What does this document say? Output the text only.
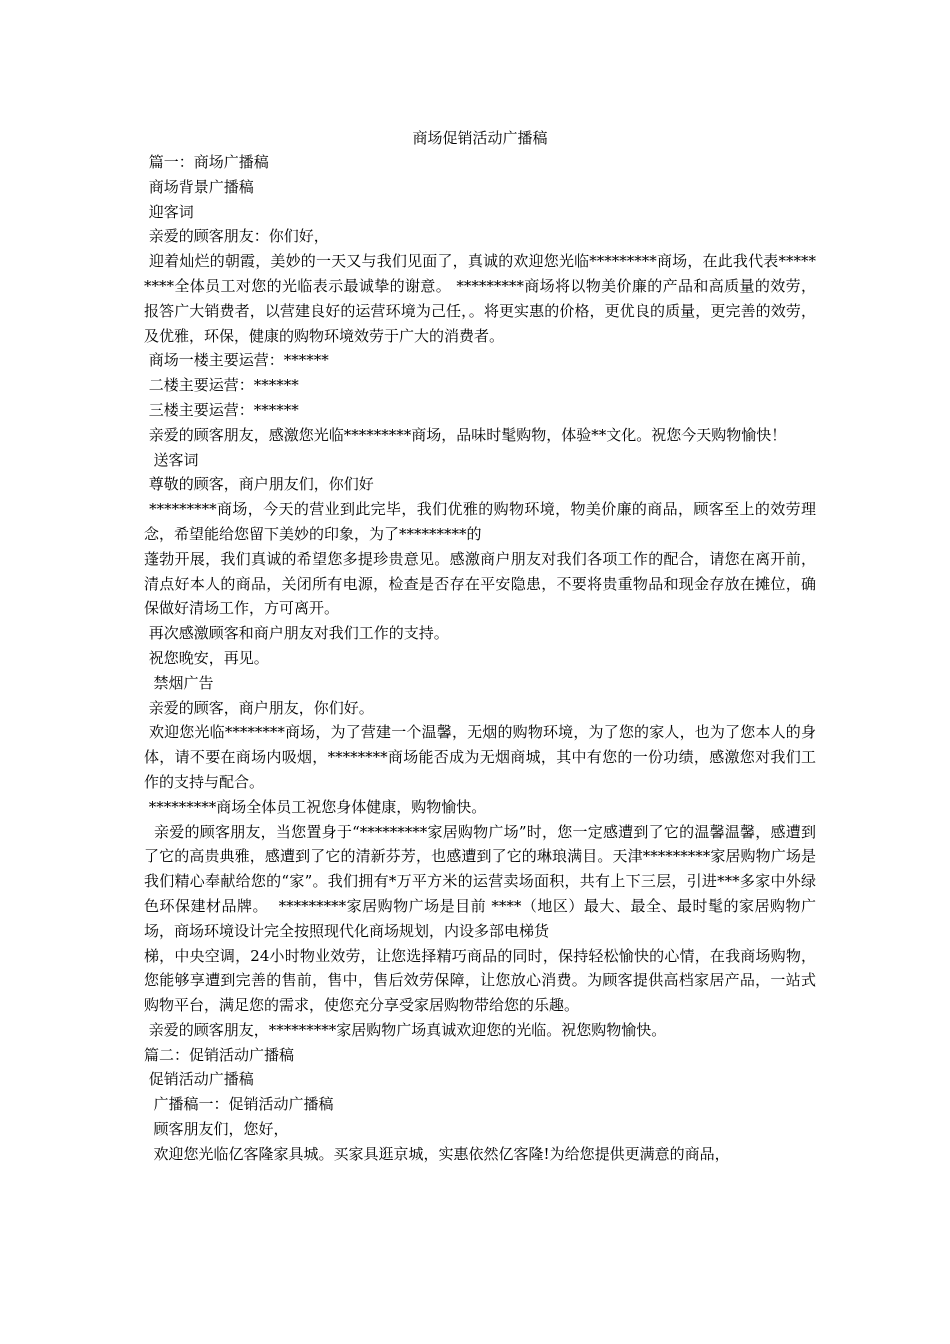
商场促销活动广播稿

篇一：商场广播稿

商场背景广播稿

迎客词

亲爱的顾客朋友：你们好，

迎着灿烂的朝霞，美妙的一天又与我们见面了，真诚的欢迎您光临*********商场，在此我代表*********全体员工对您的光临表示最诚挚的谢意。 *********商场将以物美价廉的产品和高质量的效劳，报答广大销费者，以营建良好的运营环境为己任，。将更实惠的价格，更优良的质量，更完善的效劳，及优雅，环保，健康的购物环境效劳于广大的消费者。

商场一楼主要运营：******

二楼主要运营：******

三楼主要运营：******

亲爱的顾客朋友，感激您光临*********商场，品味时髦购物，体验**文化。祝您今天购物愉快！

送客词

尊敬的顾客，商户朋友们，你们好

*********商场，今天的营业到此完毕，我们优雅的购物环境，物美价廉的商品，顾客至上的效劳理念，希望能给您留下美妙的印象，为了*********的

蓬勃开展，我们真诚的希望您多提珍贵意见。感激商户朋友对我们各项工作的配合，请您在离开前，清点好本人的商品，关闭所有电源，检查是否存在平安隐患，不要将贵重物品和现金存放在摊位，确保做好清场工作，方可离开。

再次感激顾客和商户朋友对我们工作的支持。

祝您晚安，再见。

禁烟广告

亲爱的顾客，商户朋友，你们好。

欢迎您光临********商场，为了营建一个温馨，无烟的购物环境，为了您的家人，也为了您本人的身体，请不要在商场内吸烟，********商场能否成为无烟商城，其中有您的一份功绩，感激您对我们工作的支持与配合。

*********商场全体员工祝您身体健康，购物愉快。

亲爱的顾客朋友，当您置身于“*********家居购物广场”时，您一定感遭到了它的温馨温馨，感遭到了它的高贵典雅，感遭到了它的清新芬芳，也感遭到了它的琳琅满目。天津*********家居购物广场是我们精心奉献给您的“家”。我们拥有*万平方米的运营卖场面积，共有上下三层，引进***多家中外绿色环保建材品牌。  *********家居购物广场是目前 ****（地区）最大、最全、最时髦的家居购物广场，商场环境设计完全按照现代化商场规划，内设多部电梯货

梯，中央空调，24小时物业效劳，让您选择精巧商品的同时，保持轻松愉快的心情，在我商场购物，您能够享遭到完善的售前，售中，售后效劳保障，让您放心消费。为顾客提供高档家居产品，一站式购物平台，满足您的需求，使您充分享受家居购物带给您的乐趣。

亲爱的顾客朋友，*********家居购物广场真诚欢迎您的光临。祝您购物愉快。

篇二：促销活动广播稿

促销活动广播稿

广播稿一：促销活动广播稿

顾客朋友们，您好，

欢迎您光临亿客隆家具城。买家具逛京城，实惠依然亿客隆!为给您提供更满意的商品，
